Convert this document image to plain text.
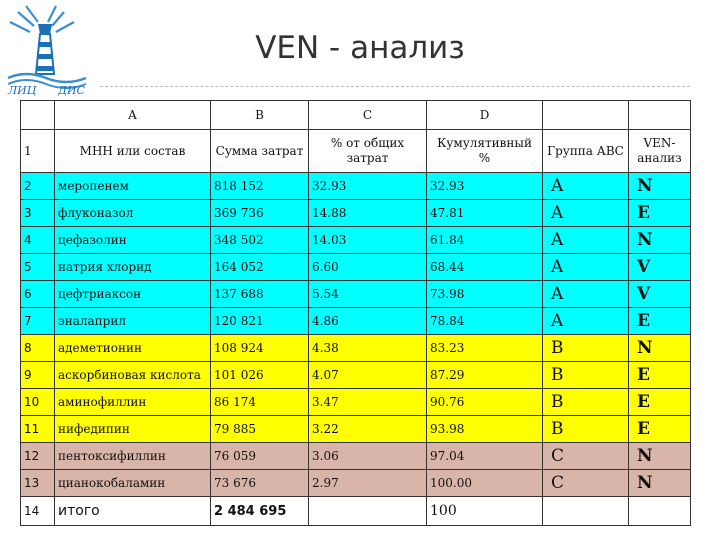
ЛИЦ ДИС
VEN - анализ
	A	B	C	D		
1	МНН или состав	Сумма затрат	% от общих затрат	Кумулятивный %	Группа АВС	VEN-анализ
2	меропенем	818 152	32.93	32.93	A	N
3	флуконазол	369 736	14.88	47.81	A	E
4	цефазолин	348 502	14.03	61.84	A	N
5	натрия хлорид	164 052	6.60	68.44	A	V
6	цефтриаксон	137 688	5.54	73.98	A	V
7	эналаприл	120 821	4.86	78.84	A	E
8	адеметионин	108 924	4.38	83.23	B	N
9	аскорбиновая кислота	101 026	4.07	87.29	B	E
10	аминофиллин	86 174	3.47	90.76	B	E
11	нифедипин	79 885	3.22	93.98	B	E
12	пентоксифиллин	76 059	3.06	97.04	C	N
13	цианокобаламин	73 676	2.97	100.00	C	N
14	итого	2 484 695		100		
